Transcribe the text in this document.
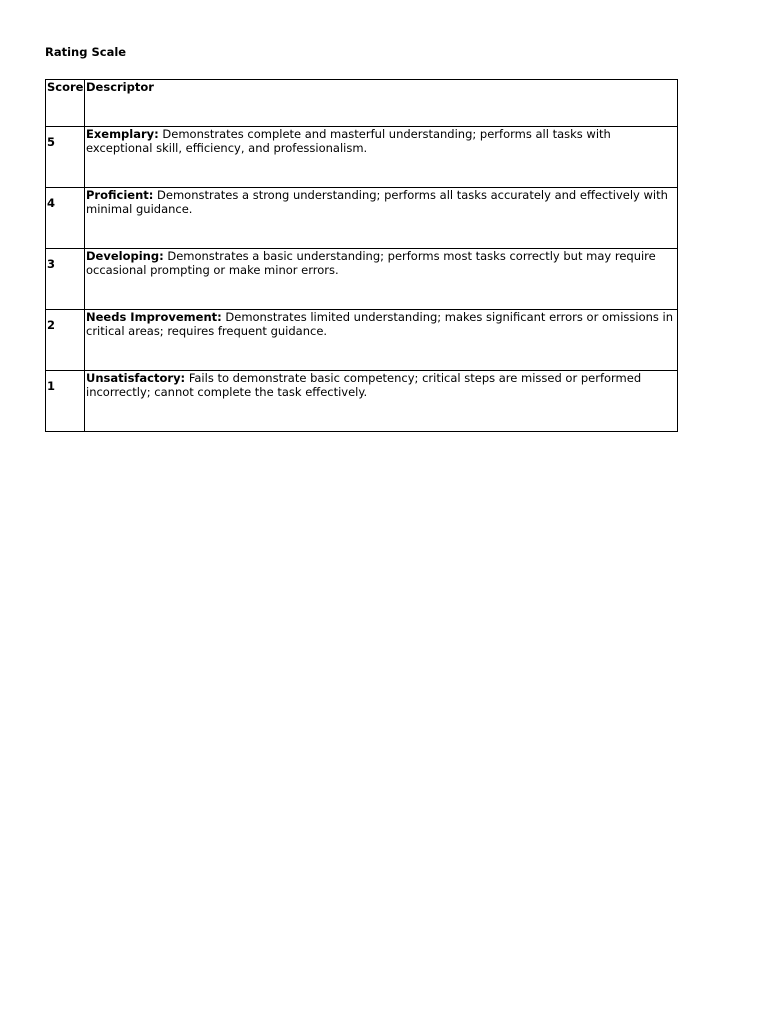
Rating Scale
Score	Descriptor
5	Exemplary: Demonstrates complete and masterful understanding; performs all tasks with exceptional skill, efficiency, and professionalism.
4	Proficient: Demonstrates a strong understanding; performs all tasks accurately and effectively with minimal guidance.
3	Developing: Demonstrates a basic understanding; performs most tasks correctly but may require occasional prompting or make minor errors.
2	Needs Improvement: Demonstrates limited understanding; makes significant errors or omissions in critical areas; requires frequent guidance.
1	Unsatisfactory: Fails to demonstrate basic competency; critical steps are missed or performed incorrectly; cannot complete the task effectively.
